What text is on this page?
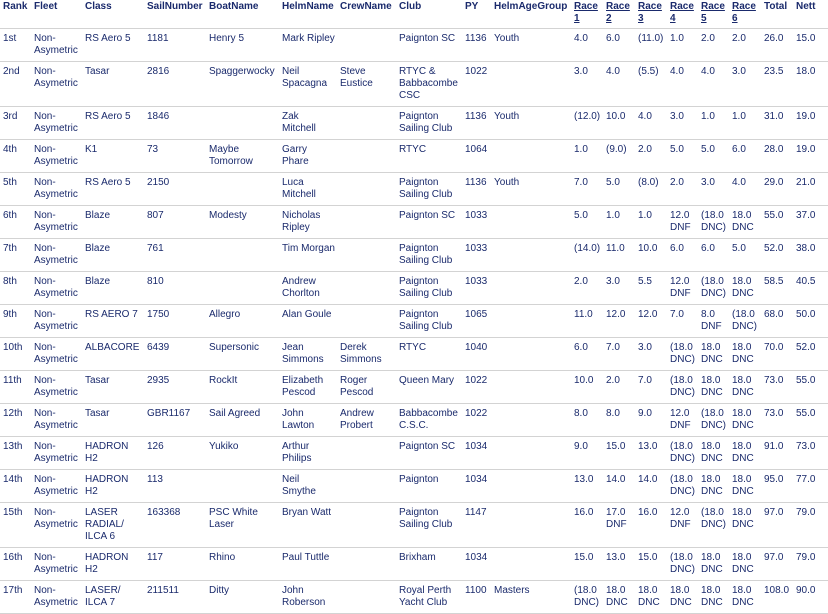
Rank	Fleet	Class	SailNumber	BoatName	HelmName	CrewName	Club	PY	HelmAgeGroup	Race 1	Race 2	Race 3	Race 4	Race 5	Race 6	Total	Nett
1st	Non-Asymetric	RS Aero 5	1181	Henry 5	Mark Ripley		Paignton SC	1136	Youth	4.0	6.0	(11.0)	1.0	2.0	2.0	26.0	15.0
2nd	Non-Asymetric	Tasar	2816	Spaggerwocky	Neil Spacagna	Steve Eustice	RTYC & Babbacombe CSC	1022		3.0	4.0	(5.5)	4.0	4.0	3.0	23.5	18.0
3rd	Non-Asymetric	RS Aero 5	1846		Zak Mitchell		Paignton Sailing Club	1136	Youth	(12.0)	10.0	4.0	3.0	1.0	1.0	31.0	19.0
4th	Non-Asymetric	K1	73	Maybe Tomorrow	Garry Phare		RTYC	1064		1.0	(9.0)	2.0	5.0	5.0	6.0	28.0	19.0
5th	Non-Asymetric	RS Aero 5	2150		Luca Mitchell		Paignton Sailing Club	1136	Youth	7.0	5.0	(8.0)	2.0	3.0	4.0	29.0	21.0
6th	Non-Asymetric	Blaze	807	Modesty	Nicholas Ripley		Paignton SC	1033		5.0	1.0	1.0	12.0 DNF	(18.0 DNC)	18.0 DNC	55.0	37.0
7th	Non-Asymetric	Blaze	761		Tim Morgan		Paignton Sailing Club	1033		(14.0)	11.0	10.0	6.0	6.0	5.0	52.0	38.0
8th	Non-Asymetric	Blaze	810		Andrew Chorlton		Paignton Sailing Club	1033		2.0	3.0	5.5	12.0 DNF	(18.0 DNC)	18.0 DNC	58.5	40.5
9th	Non-Asymetric	RS AERO 7	1750	Allegro	Alan Goule		Paignton Sailing Club	1065		11.0	12.0	12.0	7.0	8.0 DNF	(18.0 DNC)	68.0	50.0
10th	Non-Asymetric	ALBACORE	6439	Supersonic	Jean Simmons	Derek Simmons	RTYC	1040		6.0	7.0	3.0	(18.0 DNC)	18.0 DNC	18.0 DNC	70.0	52.0
11th	Non-Asymetric	Tasar	2935	RockIt	Elizabeth Pescod	Roger Pescod	Queen Mary	1022		10.0	2.0	7.0	(18.0 DNC)	18.0 DNC	18.0 DNC	73.0	55.0
12th	Non-Asymetric	Tasar	GBR1167	Sail Agreed	John Lawton	Andrew Probert	Babbacombe C.S.C.	1022		8.0	8.0	9.0	12.0 DNF	(18.0 DNC)	18.0 DNC	73.0	55.0
13th	Non-Asymetric	HADRON H2	126	Yukiko	Arthur Philips		Paignton SC	1034		9.0	15.0	13.0	(18.0 DNC)	18.0 DNC	18.0 DNC	91.0	73.0
14th	Non-Asymetric	HADRON H2	113		Neil Smythe		Paignton	1034		13.0	14.0	14.0	(18.0 DNC)	18.0 DNC	18.0 DNC	95.0	77.0
15th	Non-Asymetric	LASER RADIAL/ ILCA 6	163368	PSC White Laser	Bryan Watt		Paignton Sailing Club	1147		16.0	17.0 DNF	16.0	12.0 DNF	(18.0 DNC)	18.0 DNC	97.0	79.0
16th	Non-Asymetric	HADRON H2	117	Rhino	Paul Tuttle		Brixham	1034		15.0	13.0	15.0	(18.0 DNC)	18.0 DNC	18.0 DNC	97.0	79.0
17th	Non-Asymetric	LASER/ ILCA 7	211511	Ditty	John Roberson		Royal Perth Yacht Club	1100	Masters	(18.0 DNC)	18.0 DNC	18.0 DNC	18.0 DNC	18.0 DNC	18.0 DNC	108.0	90.0
